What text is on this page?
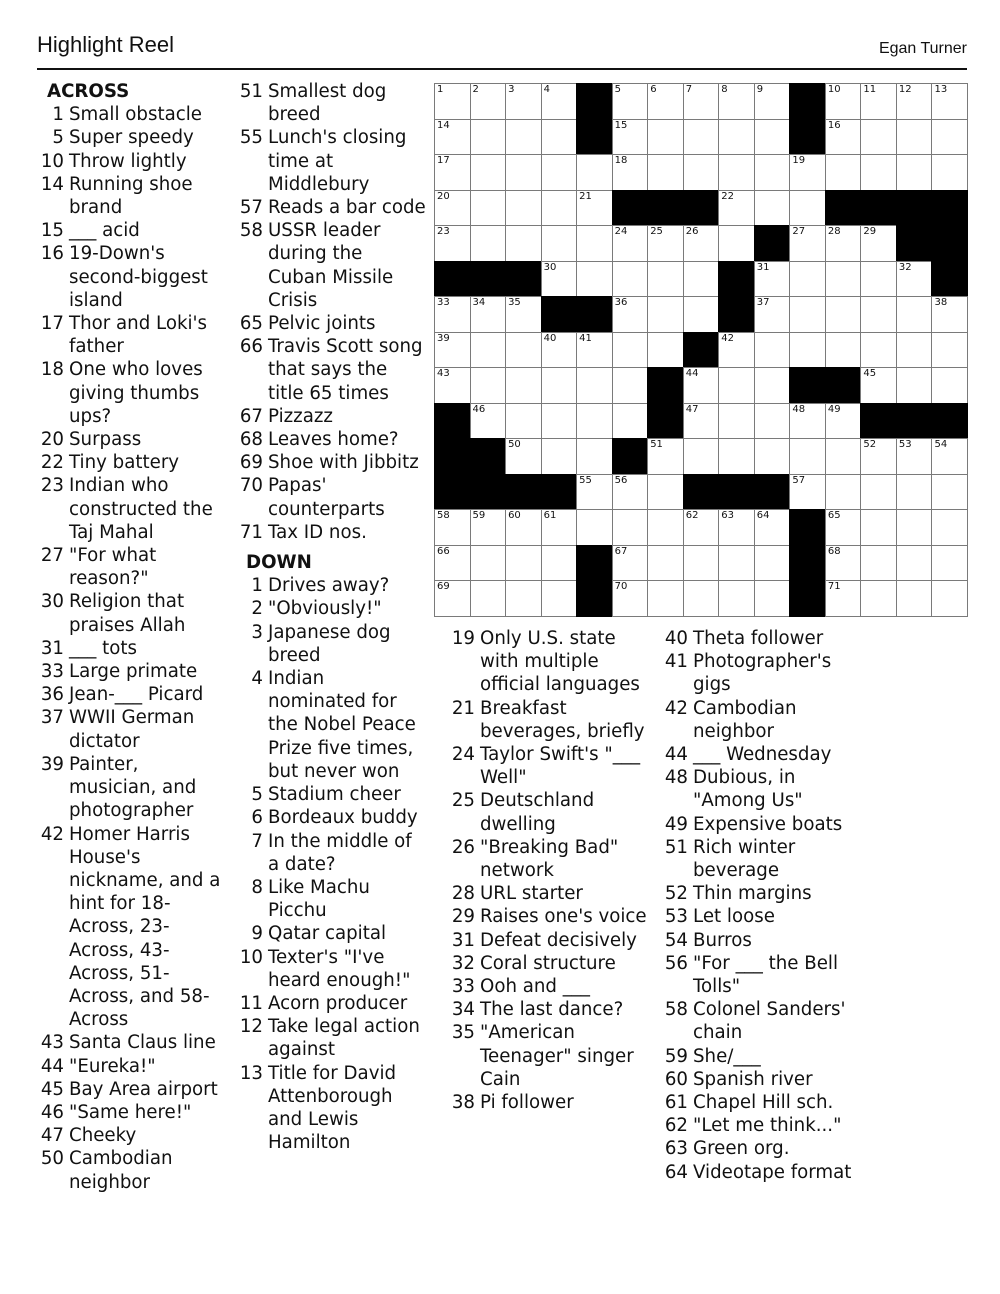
Highlight Reel	Egan Turner
ACROSS
1 Small obstacle
5 Super speedy
10 Throw lightly
14 Running shoe brand
15 ___ acid
16 19-Down's second-biggest island
17 Thor and Loki's father
18 One who loves giving thumbs ups?
20 Surpass
22 Tiny battery
23 Indian who constructed the Taj Mahal
27 "For what reason?"
30 Religion that praises Allah
31 ___ tots
33 Large primate
36 Jean-___ Picard
37 WWII German dictator
39 Painter, musician, and photographer
42 Homer Harris House's nickname, and a hint for 18-Across, 23-Across, 43-Across, 51-Across, and 58-Across
43 Santa Claus line
44 "Eureka!"
45 Bay Area airport
46 "Same here!"
47 Cheeky
50 Cambodian neighbor
51 Smallest dog breed
55 Lunch's closing time at Middlebury
57 Reads a bar code
58 USSR leader during the Cuban Missile Crisis
65 Pelvic joints
66 Travis Scott song that says the title 65 times
67 Pizzazz
68 Leaves home?
69 Shoe with Jibbitz
70 Papas' counterparts
71 Tax ID nos.
DOWN
1 Drives away?
2 "Obviously!"
3 Japanese dog breed
4 Indian nominated for the Nobel Peace Prize five times, but never won
5 Stadium cheer
6 Bordeaux buddy
7 In the middle of a date?
8 Like Machu Picchu
9 Qatar capital
10 Texter's "I've heard enough!"
11 Acorn producer
12 Take legal action against
13 Title for David Attenborough and Lewis Hamilton
19 Only U.S. state with multiple official languages
21 Breakfast beverages, briefly
24 Taylor Swift's "___ Well"
25 Deutschland dwelling
26 "Breaking Bad" network
28 URL starter
29 Raises one's voice
31 Defeat decisively
32 Coral structure
33 Ooh and ___
34 The last dance?
35 "American Teenager" singer Cain
38 Pi follower
40 Theta follower
41 Photographer's gigs
42 Cambodian neighbor
44 ___ Wednesday
48 Dubious, in "Among Us"
49 Expensive boats
51 Rich winter beverage
52 Thin margins
53 Let loose
54 Burros
56 "For ___ the Bell Tolls"
58 Colonel Sanders' chain
59 She/___
60 Spanish river
61 Chapel Hill sch.
62 "Let me think..."
63 Green org.
64 Videotape format
1	2	3	4	5	6	7	8	9	10 11 12 13
14	15	16
17	18	19
20	21	22
23	24 25 26	27 28 29
30	31	32
33 34 35	36	37	38
39	40 41	42
43	44	45
46	47	48 49
50	51	52 53 54
55 56	57
58 59 60 61	62 63 64	65
66	67	68
69	70	71
